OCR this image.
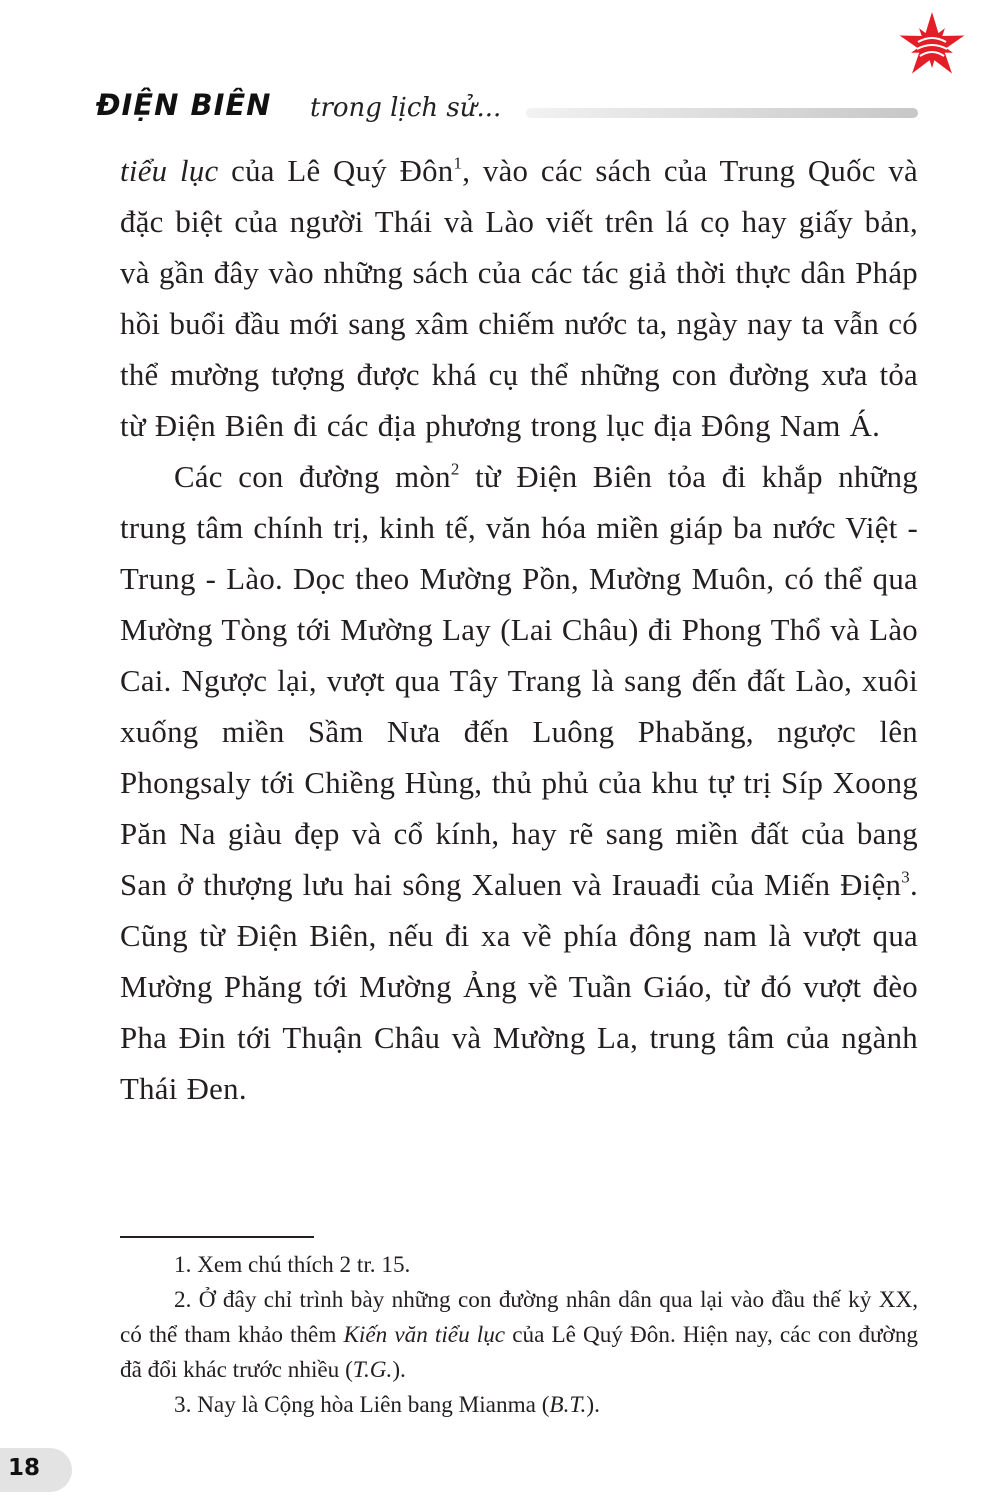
ĐIỆN BIÊN trong lịch sử...

tiểu lục của Lê Quý Đôn$^1$, vào các sách của Trung Quốc và đặc biệt của người Thái và Lào viết trên lá cọ hay giấy bản, và gần đây vào những sách của các tác giả thời thực dân Pháp hồi buổi đầu mới sang xâm chiếm nước ta, ngày nay ta vẫn có thể mường tượng được khá cụ thể những con đường xưa tỏa từ Điện Biên đi các địa phương trong lục địa Đông Nam Á.

Các con đường mòn$^2$ từ Điện Biên tỏa đi khắp những trung tâm chính trị, kinh tế, văn hóa miền giáp ba nước Việt - Trung - Lào. Dọc theo Mường Pồn, Mường Muôn, có thể qua Mường Tòng tới Mường Lay (Lai Châu) đi Phong Thổ và Lào Cai. Ngược lại, vượt qua Tây Trang là sang đến đất Lào, xuôi xuống miền Sầm Nưa đến Luông Phabăng, ngược lên Phongsaly tới Chiềng Hùng, thủ phủ của khu tự trị Síp Xoong Păn Na giàu đẹp và cổ kính, hay rẽ sang miền đất của bang San ở thượng lưu hai sông Xaluen và Irauađi của Miến Điện$^3$. Cũng từ Điện Biên, nếu đi xa về phía đông nam là vượt qua Mường Phăng tới Mường Ảng về Tuần Giáo, từ đó vượt đèo Pha Đin tới Thuận Châu và Mường La, trung tâm của ngành Thái Đen.

1. Xem chú thích 2 tr. 15.

2. Ở đây chỉ trình bày những con đường nhân dân qua lại vào đầu thế kỷ XX, có thể tham khảo thêm Kiến văn tiểu lục của Lê Quý Đôn. Hiện nay, các con đường đã đổi khác trước nhiều (T.G.).

3. Nay là Cộng hòa Liên bang Mianma (B.T.).

18
